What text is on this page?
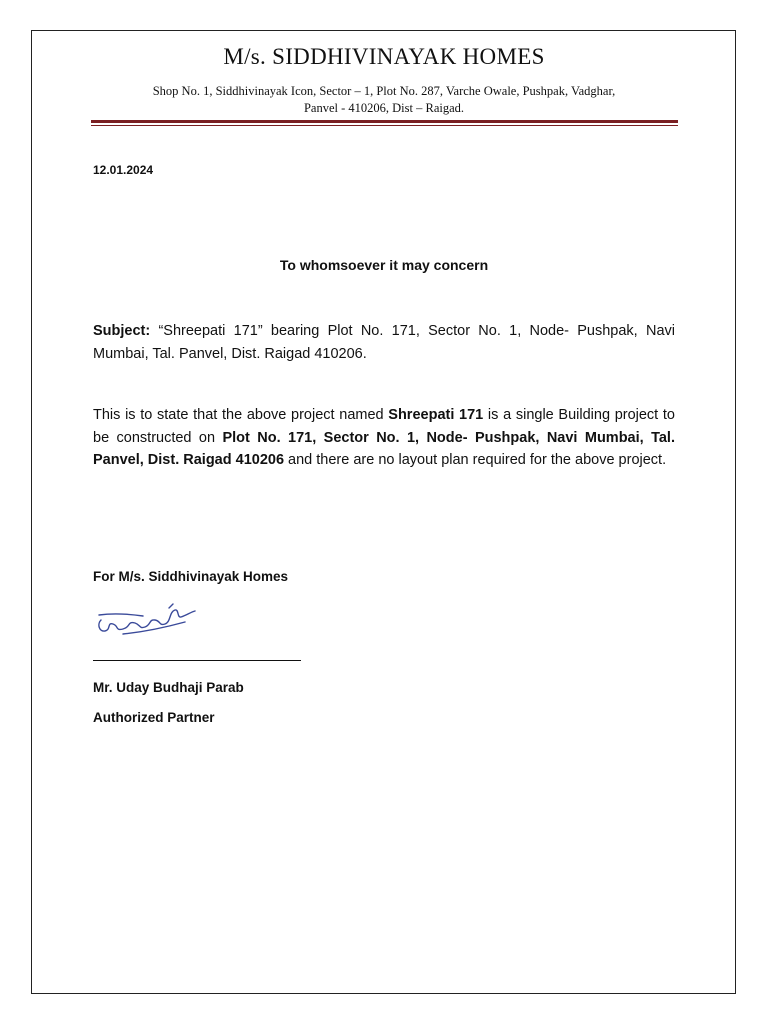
M/s. SIDDHIVINAYAK HOMES
Shop No. 1, Siddhivinayak Icon, Sector – 1, Plot No. 287, Varche Owale, Pushpak, Vadghar,
Panvel - 410206, Dist – Raigad.
12.01.2024
To whomsoever it may concern
Subject: “Shreepati 171” bearing Plot No. 171, Sector No. 1, Node- Pushpak, Navi Mumbai, Tal. Panvel, Dist. Raigad 410206.
This is to state that the above project named Shreepati 171 is a single Building project to be constructed on Plot No. 171, Sector No. 1, Node- Pushpak, Navi Mumbai, Tal. Panvel, Dist. Raigad 410206 and there are no layout plan required for the above project.
For M/s. Siddhivinayak Homes
Mr. Uday Budhaji Parab
Authorized Partner
